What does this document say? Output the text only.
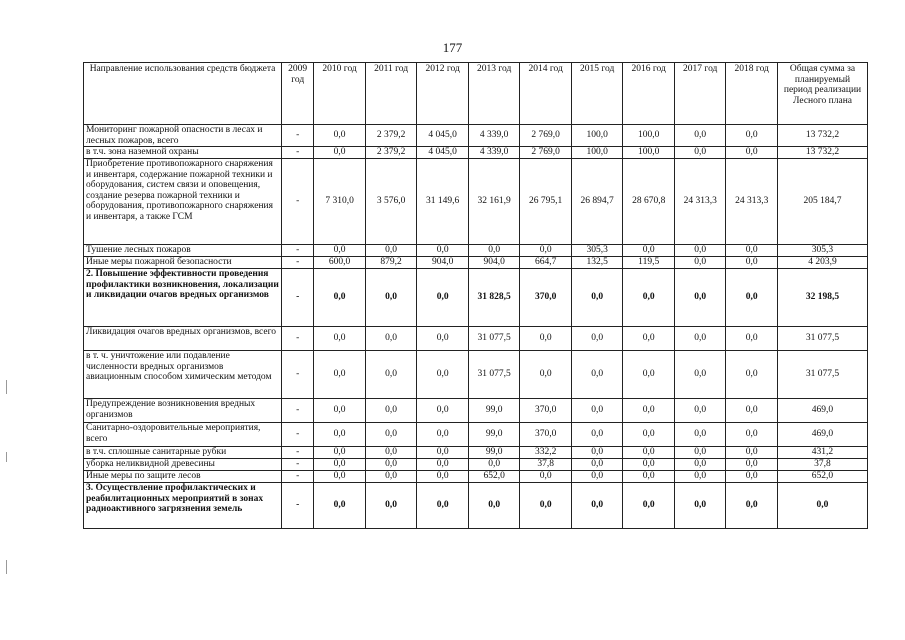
177
Направление использования средств бюджета	2009 год	2010 год	2011 год	2012 год	2013 год	2014 год	2015 год	2016 год	2017 год	2018 год	Общая сумма за планируемый период реализации Лесного плана
Мониторинг пожарной опасности в лесах и лесных пожаров, всего	-	0,0	2 379,2	4 045,0	4 339,0	2 769,0	100,0	100,0	0,0	0,0	13 732,2
в т.ч. зона наземной охраны	-	0,0	2 379,2	4 045,0	4 339,0	2 769,0	100,0	100,0	0,0	0,0	13 732,2
Приобретение противопожарного снаряжения и инвентаря, содержание пожарной техники и оборудования, систем связи и оповещения, создание резерва пожарной техники и оборудования, противопожарного снаряжения и инвентаря, а также ГСМ	-	7 310,0	3 576,0	31 149,6	32 161,9	26 795,1	26 894,7	28 670,8	24 313,3	24 313,3	205 184,7
Тушение лесных пожаров	-	0,0	0,0	0,0	0,0	0,0	305,3	0,0	0,0	0,0	305,3
Иные меры пожарной безопасности	-	600,0	879,2	904,0	904,0	664,7	132,5	119,5	0,0	0,0	4 203,9
2. Повышение эффективности проведения профилактики возникновения, локализации и ликвидации очагов вредных организмов	-	0,0	0,0	0,0	31 828,5	370,0	0,0	0,0	0,0	0,0	32 198,5
Ликвидация очагов вредных организмов, всего	-	0,0	0,0	0,0	31 077,5	0,0	0,0	0,0	0,0	0,0	31 077,5
в т. ч. уничтожение или подавление численности вредных организмов авиационным способом химическим методом	-	0,0	0,0	0,0	31 077,5	0,0	0,0	0,0	0,0	0,0	31 077,5
Предупреждение возникновения вредных организмов	-	0,0	0,0	0,0	99,0	370,0	0,0	0,0	0,0	0,0	469,0
Санитарно-оздоровительные мероприятия, всего	-	0,0	0,0	0,0	99,0	370,0	0,0	0,0	0,0	0,0	469,0
в т.ч. сплошные санитарные рубки	-	0,0	0,0	0,0	99,0	332,2	0,0	0,0	0,0	0,0	431,2
уборка неликвидной древесины	-	0,0	0,0	0,0	0,0	37,8	0,0	0,0	0,0	0,0	37,8
Иные меры по защите лесов	-	0,0	0,0	0,0	652,0	0,0	0,0	0,0	0,0	0,0	652,0
3. Осуществление профилактических и реабилитационных мероприятий в зонах радиоактивного загрязнения земель	-	0,0	0,0	0,0	0,0	0,0	0,0	0,0	0,0	0,0	0,0
